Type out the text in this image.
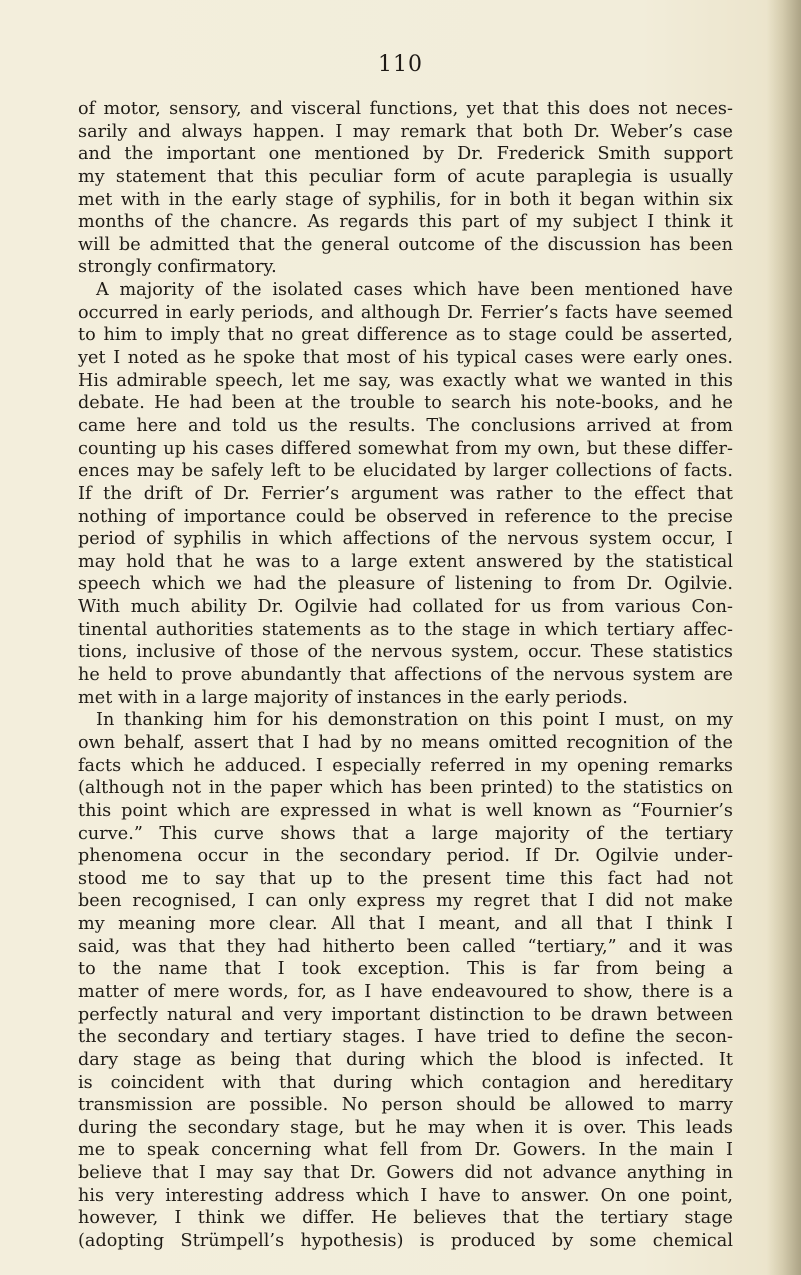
110
of motor, sensory, and visceral functions, yet that this does not neces-
sarily and always happen. I may remark that both Dr. Weber’s case
and the important one mentioned by Dr. Frederick Smith support
my statement that this peculiar form of acute paraplegia is usually
met with in the early stage of syphilis, for in both it began within six
months of the chancre. As regards this part of my subject I think it
will be admitted that the general outcome of the discussion has been
strongly confirmatory.
A majority of the isolated cases which have been mentioned have
occurred in early periods, and although Dr. Ferrier’s facts have seemed
to him to imply that no great difference as to stage could be asserted,
yet I noted as he spoke that most of his typical cases were early ones.
His admirable speech, let me say, was exactly what we wanted in this
debate. He had been at the trouble to search his note-books, and he
came here and told us the results. The conclusions arrived at from
counting up his cases differed somewhat from my own, but these differ-
ences may be safely left to be elucidated by larger collections of facts.
If the drift of Dr. Ferrier’s argument was rather to the effect that
nothing of importance could be observed in reference to the precise
period of syphilis in which affections of the nervous system occur, I
may hold that he was to a large extent answered by the statistical
speech which we had the pleasure of listening to from Dr. Ogilvie.
With much ability Dr. Ogilvie had collated for us from various Con-
tinental authorities statements as to the stage in which tertiary affec-
tions, inclusive of those of the nervous system, occur. These statistics
he held to prove abundantly that affections of the nervous system are
met with in a large majority of instances in the early periods.
In thanking him for his demonstration on this point I must, on my
own behalf, assert that I had by no means omitted recognition of the
facts which he adduced. I especially referred in my opening remarks
(although not in the paper which has been printed) to the statistics on
this point which are expressed in what is well known as “Fournier’s
curve.” This curve shows that a large majority of the tertiary
phenomena occur in the secondary period. If Dr. Ogilvie under-
stood me to say that up to the present time this fact had not
been recognised, I can only express my regret that I did not make
my meaning more clear. All that I meant, and all that I think I
said, was that they had hitherto been called “tertiary,” and it was
to the name that I took exception. This is far from being a
matter of mere words, for, as I have endeavoured to show, there is a
perfectly natural and very important distinction to be drawn between
the secondary and tertiary stages. I have tried to define the secon-
dary stage as being that during which the blood is infected. It
is coincident with that during which contagion and hereditary
transmission are possible. No person should be allowed to marry
during the secondary stage, but he may when it is over. This leads
me to speak concerning what fell from Dr. Gowers. In the main I
believe that I may say that Dr. Gowers did not advance anything in
his very interesting address which I have to answer. On one point,
however, I think we differ. He believes that the tertiary stage
(adopting Strümpell’s hypothesis) is produced by some chemical
